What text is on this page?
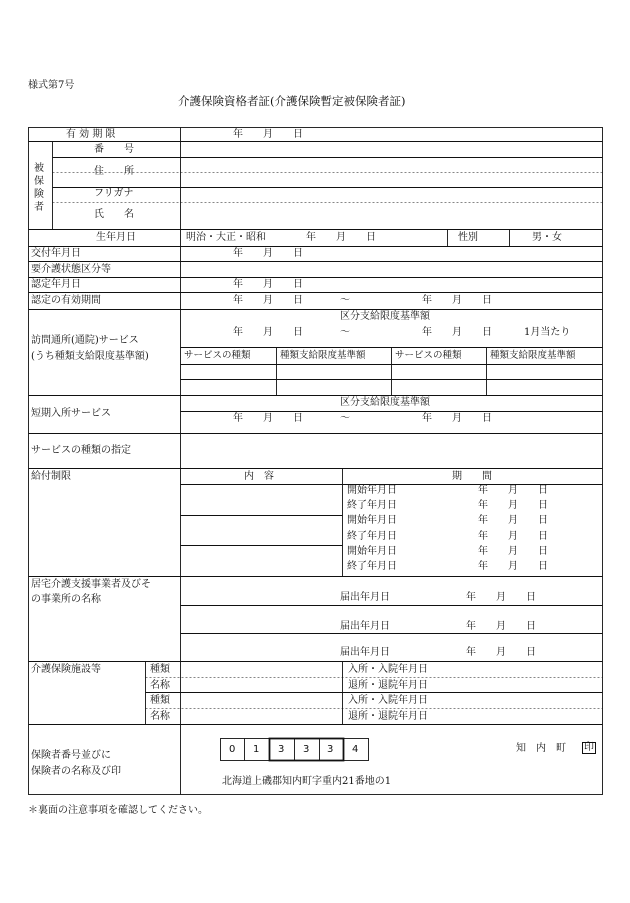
様式第7号
介護保険資格者証(介護保険暫定被保険者証)
有 効 期 限	年　　月　　日
被保険者
番　　号
住　　所
フリガナ
氏　　名
生年月日	明治・大正・昭和	年　　月　　日	性別	男・女
交付年月日	年　　月　　日
要介護状態区分等
認定年月日	年　　月　　日
認定の有効期間	年　　月　　日	～	年　　月　　日
訪問通所(通院)サービス
(うち種類支給限度基準額)
区分支給限度基準額
年　　月　　日	～	年　　月　　日	1月当たり
サービスの種類	種類支給限度基準額	サービスの種類	種類支給限度基準額
短期入所サービス
区分支給限度基準額
年　　月　　日	～	年　　月　　日
サービスの種類の指定
給付制限	内　容	期　　間
開始年月日	年　　月　　日
終了年月日	年　　月　　日
開始年月日	年　　月　　日
終了年月日	年　　月　　日
開始年月日	年　　月　　日
終了年月日	年　　月　　日
居宅介護支援事業者及びそ
の事業所の名称	届出年月日	年　　月　　日
届出年月日	年　　月　　日
届出年月日	年　　月　　日
介護保険施設等	種類	入所・入院年月日
名称	退所・退院年月日
種類	入所・入院年月日
名称	退所・退院年月日
保険者番号並びに
保険者の名称及び印
0 1 3 3 3 4	知　内　町 印
北海道上磯郡知内町字重内21番地の1
＊裏面の注意事項を確認してください。
